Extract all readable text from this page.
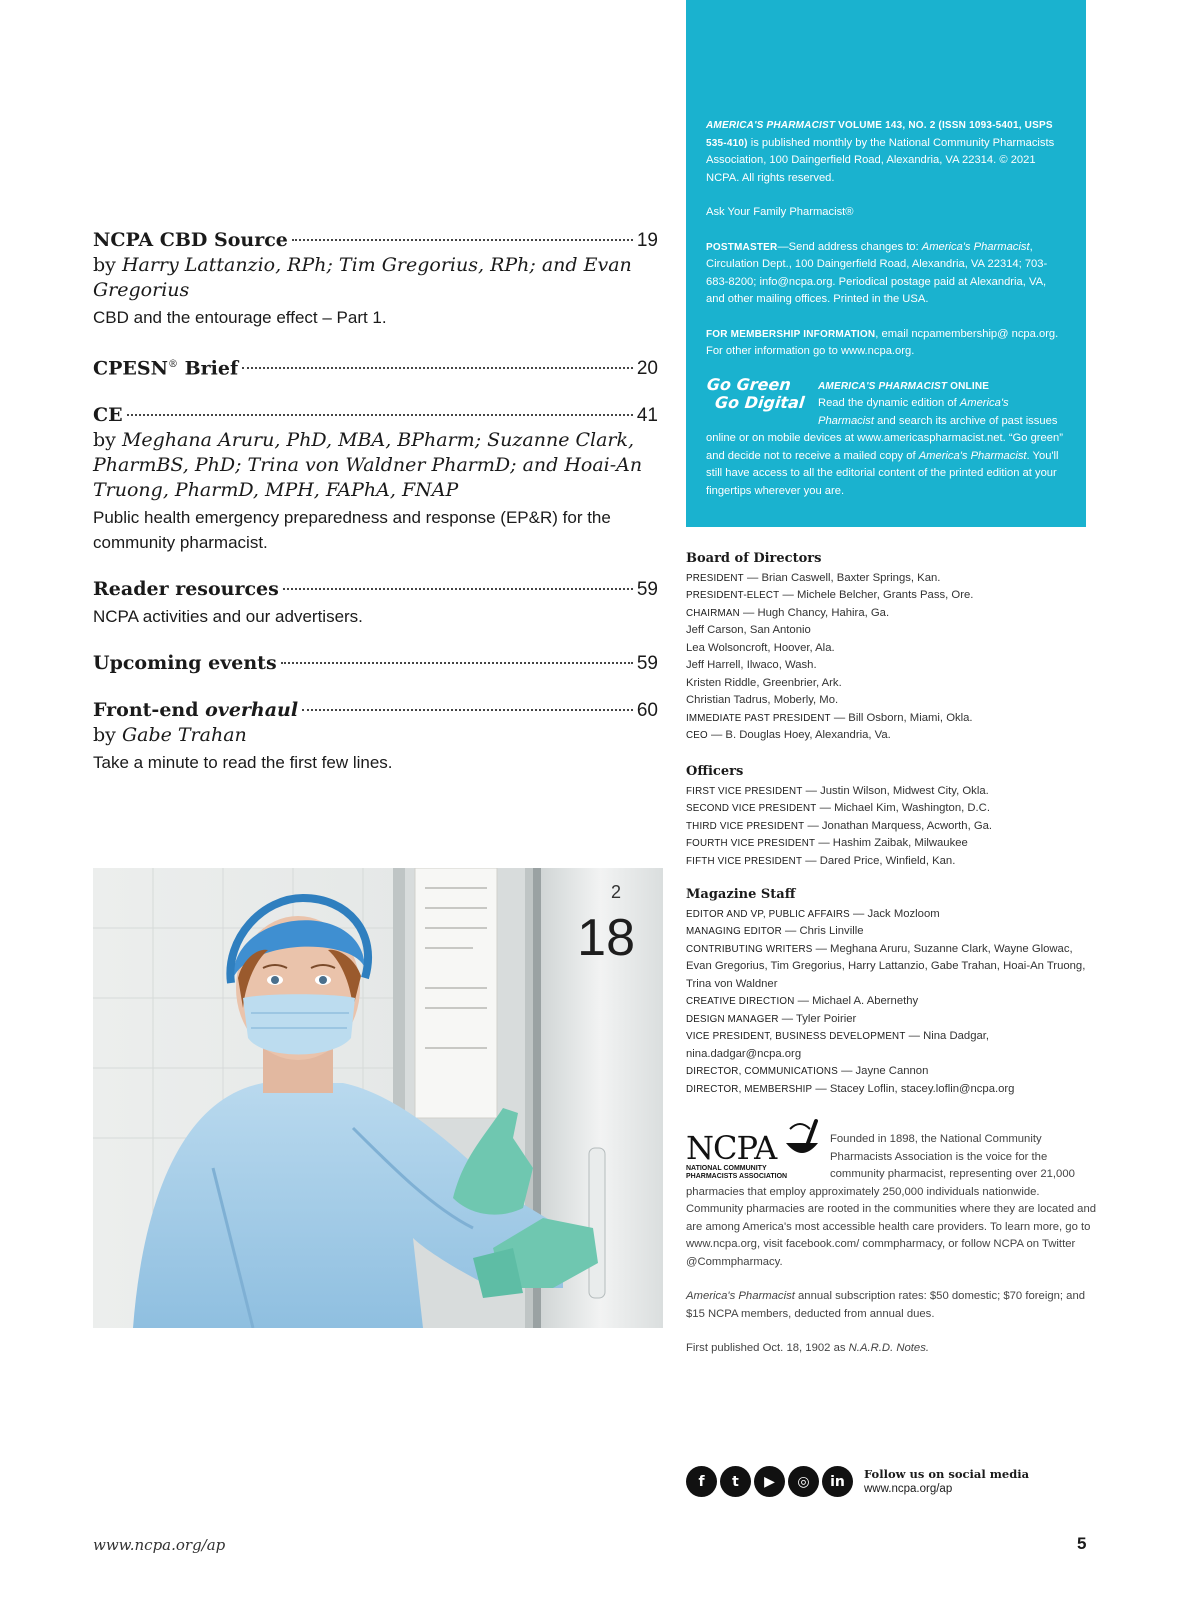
NCPA CBD Source	19
by Harry Lattanzio, RPh; Tim Gregorius, RPh; and Evan Gregorius
CBD and the entourage effect – Part 1.
CPESN® Brief	20
CE	41
by Meghana Aruru, PhD, MBA, BPharm; Suzanne Clark, PharmBS, PhD; Trina von Waldner PharmD; and Hoai-An Truong, PharmD, MPH, FAPhA, FNAP
Public health emergency preparedness and response (EP&R) for the community pharmacist.
Reader resources	59
NCPA activities and our advertisers.
Upcoming events	59
Front-end overhaul	60
by Gabe Trahan
Take a minute to read the first few lines.
18
2

AMERICA'S PHARMACIST VOLUME 143, NO. 2 (ISSN 1093-5401, USPS 535-410) is published monthly by the National Community Pharmacists Association, 100 Daingerfield Road, Alexandria, VA 22314. © 2021 NCPA. All rights reserved.

Ask Your Family Pharmacist®

POSTMASTER—Send address changes to: America's Pharmacist, Circulation Dept., 100 Daingerfield Road, Alexandria, VA 22314; 703-683-8200; info@ncpa.org. Periodical postage paid at Alexandria, VA, and other mailing offices. Printed in the USA.

FOR MEMBERSHIP INFORMATION, email ncpamembership@ ncpa.org. For other information go to www.ncpa.org.

Go Green
Go Digital
AMERICA'S PHARMACIST ONLINE
Read the dynamic edition of America's Pharmacist and search its archive of past issues online or on mobile devices at www.americaspharmacist.net. “Go green” and decide not to receive a mailed copy of America's Pharmacist. You'll still have access to all the editorial content of the printed edition at your fingertips wherever you are.
Board of Directors
PRESIDENT — Brian Caswell, Baxter Springs, Kan.
PRESIDENT-ELECT — Michele Belcher, Grants Pass, Ore.
CHAIRMAN — Hugh Chancy, Hahira, Ga.
Jeff Carson, San Antonio
Lea Wolsoncroft, Hoover, Ala.
Jeff Harrell, Ilwaco, Wash.
Kristen Riddle, Greenbrier, Ark.
Christian Tadrus, Moberly, Mo.
IMMEDIATE PAST PRESIDENT — Bill Osborn, Miami, Okla.
CEO — B. Douglas Hoey, Alexandria, Va.
Officers
FIRST VICE PRESIDENT — Justin Wilson, Midwest City, Okla.
SECOND VICE PRESIDENT — Michael Kim, Washington, D.C.
THIRD VICE PRESIDENT — Jonathan Marquess, Acworth, Ga.
FOURTH VICE PRESIDENT — Hashim Zaibak, Milwaukee
FIFTH VICE PRESIDENT — Dared Price, Winfield, Kan.
Magazine Staff
EDITOR AND VP, PUBLIC AFFAIRS — Jack Mozloom
MANAGING EDITOR — Chris Linville
CONTRIBUTING WRITERS — Meghana Aruru, Suzanne Clark, Wayne Glowac, Evan Gregorius, Tim Gregorius, Harry Lattanzio, Gabe Trahan, Hoai-An Truong, Trina von Waldner
CREATIVE DIRECTION — Michael A. Abernethy
DESIGN MANAGER — Tyler Poirier
VICE PRESIDENT, BUSINESS DEVELOPMENT — Nina Dadgar, nina.dadgar@ncpa.org
DIRECTOR, COMMUNICATIONS — Jayne Cannon
DIRECTOR, MEMBERSHIP — Stacey Loflin, stacey.loflin@ncpa.org
NCPA
NATIONAL COMMUNITY
PHARMACISTS ASSOCIATION

Founded in 1898, the National Community Pharmacists Association is the voice for the community pharmacist, representing over 21,000 pharmacies that employ approximately 250,000 individuals nationwide. Community pharmacies are rooted in the communities where they are located and are among America's most accessible health care providers. To learn more, go to www.ncpa.org, visit facebook.com/ commpharmacy, or follow NCPA on Twitter @Commpharmacy.

America's Pharmacist annual subscription rates: $50 domestic; $70 foreign; and $15 NCPA members, deducted from annual dues.

First published Oct. 18, 1902 as N.A.R.D. Notes.

f	t	▶	◎	in	Follow us on social media
www.ncpa.org/ap
www.ncpa.org/ap	5
